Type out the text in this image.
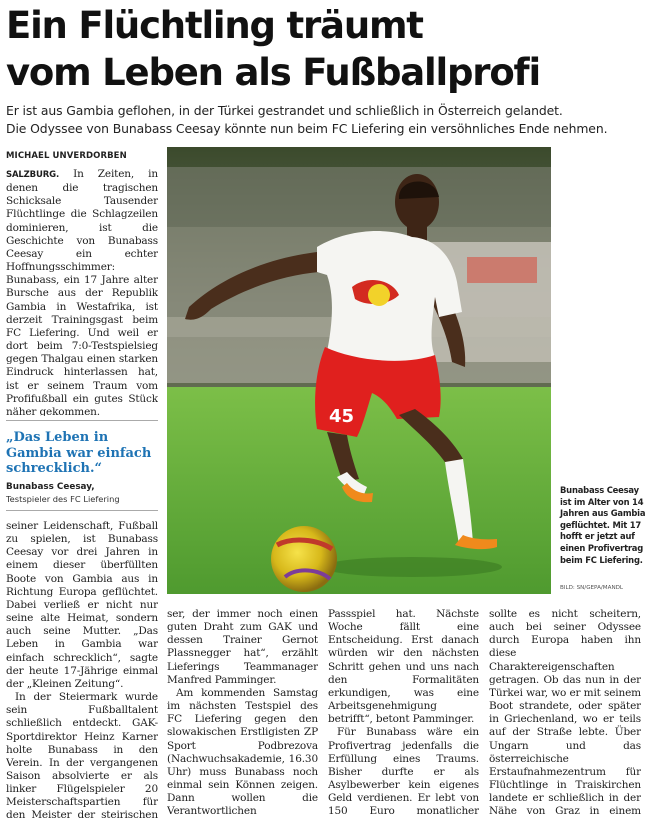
Ein Flüchtling träumt
vom Leben als Fußballprofi
Er ist aus Gambia geflohen, in der Türkei gestrandet und schließlich in Österreich gelandet.
Die Odyssee von Bunabass Ceesay könnte nun beim FC Liefering ein versöhnliches Ende nehmen.
MICHAEL UNVERDORBEN

SALZBURG. In Zeiten, in denen die tragischen Schicksale Tausender Flüchtlinge die Schlagzeilen dominieren, ist die Geschichte von Bunabass Ceesay ein echter Hoffnungsschimmer: Bunabass, ein 17 Jahre alter Bursche aus der Republik Gambia in Westafrika, ist derzeit Trainingsgast beim FC Liefering. Und weil er dort beim 7:0-Testspielsieg gegen Thalgau einen starken Eindruck hinterlassen hat, ist er seinem Traum vom Profifußball ein gutes Stück näher gekommen.

„Das Leben in Gambia war einfach schrecklich.“
Bunabass Ceesay,
Testspieler des FC Liefering

seiner Leidenschaft, Fußball zu spielen, ist Bunabass Ceesay vor drei Jahren in einem dieser überfüllten Boote von Gambia aus in Richtung Europa geflüchtet. Dabei verließ er nicht nur seine alte Heimat, sondern auch seine Mutter. „Das Leben in Gambia war einfach schrecklich“, sagte der heute 17-Jährige einmal der „Kleinen Zeitung“.

In der Steiermark wurde sein Fußballtalent schließlich entdeckt. GAK-Sportdirektor Heinz Karner holte Bunabass in den Verein. In der vergangenen Saison absolvierte er als linker Flügelspieler 20 Meisterschaftspartien für den Meister der steirischen

45
Bunabass Ceesay ist im Alter von 14 Jahren aus Gambia geflüchtet. Mit 17 hofft er jetzt auf einen Profivertrag beim FC Liefering.
BILD: SN/GEPA/MANDL

ser, der immer noch einen guten Draht zum GAK und dessen Trainer Gernot Plassnegger hat“, erzählt Lieferings Teammanager Manfred Pamminger.

Am kommenden Samstag im nächsten Testspiel des FC Liefering gegen den slowakischen Erstligisten ZP Sport Podbrezova (Nachwuchsakademie, 16.30 Uhr) muss Bunabass noch einmal sein Können zeigen. Dann wollen die Verantwortlichen

Passspiel hat. Nächste Woche fällt eine Entscheidung. Erst danach würden wir den nächsten Schritt gehen und uns nach den Formalitäten erkundigen, was eine Arbeitsgenehmigung betrifft“, betont Pamminger.

Für Bunabass wäre ein Profivertrag jedenfalls die Erfüllung eines Traums. Bisher durfte er als Asylbewerber kein eigenes Geld verdienen. Er lebt von 150 Euro monatlicher

sollte es nicht scheitern, auch bei seiner Odyssee durch Europa haben ihn diese Charaktereigenschaften getragen. Ob das nun in der Türkei war, wo er mit seinem Boot strandete, oder später in Griechenland, wo er teils auf der Straße lebte. Über Ungarn und das österreichische Erstaufnahmezentrum für Flüchtlinge in Traiskirchen landete er schließlich in der Nähe von Graz in einem
